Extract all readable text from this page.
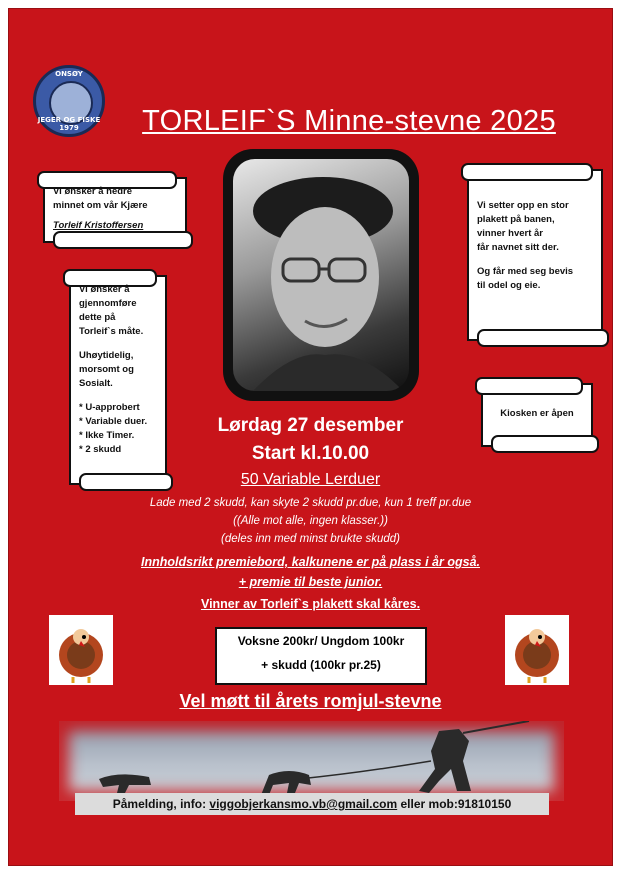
ONSØY
JEGER OG FISKE 1979	TORLEIF`S Minne-stevne 2025
Vi ønsker å hedre
minnet om vår Kjære
Torleif Kristoffersen
Vi ønsker å
gjennomføre
dette på
Torleif`s måte.
Uhøytidelig,
morsomt og
Sosialt.
* U-approbert
* Variable duer.
* Ikke Timer.
* 2 skudd
Vi setter opp en stor
plakett på banen,
vinner hvert år
får navnet sitt der.
Og får med seg bevis
til odel og eie.
Kiosken er åpen
Lørdag 27 desember
Start kl.10.00
50 Variable Lerduer
Lade med 2 skudd, kan skyte 2 skudd pr.due, kun 1 treff pr.due
((Alle mot alle, ingen klasser.))
(deles inn med minst brukte skudd)
Innholdsrikt premiebord, kalkunene er på plass i år også.
+ premie til beste junior.
Vinner av Torleif`s plakett skal kåres.
Voksne 200kr/ Ungdom 100kr
+ skudd (100kr pr.25)
Vel møtt til årets romjul-stevne
Påmelding, info: viggobjerkansmo.vb@gmail.com eller mob:91810150
